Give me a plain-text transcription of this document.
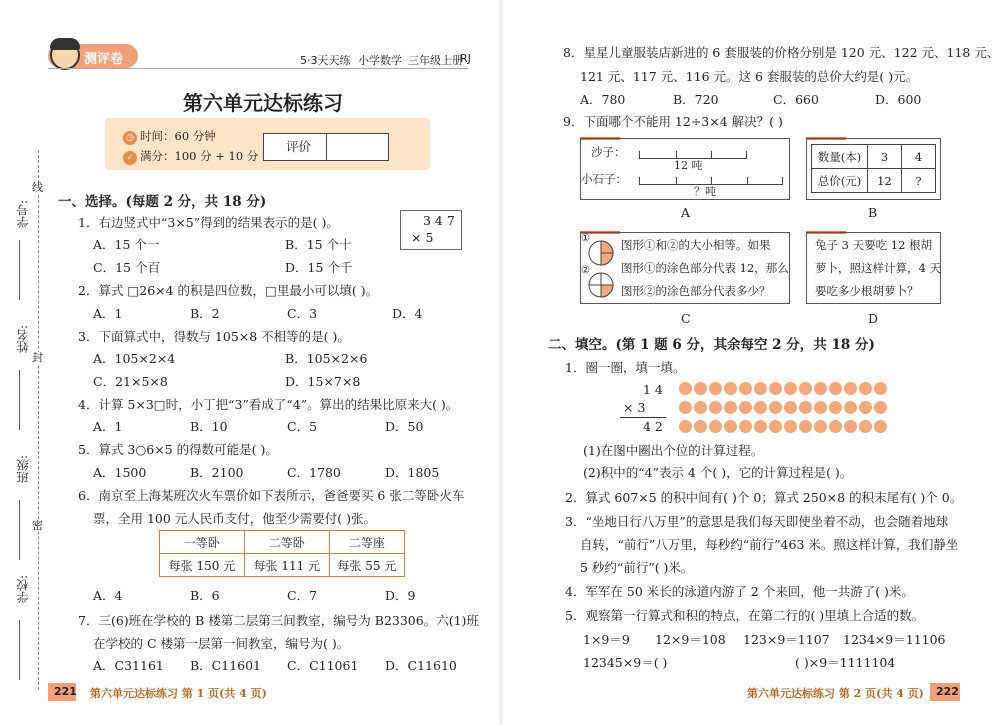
线
封
密
学号:
姓名:
班级:
学校:
测评卷	5·3天天练 小学数学 三年级上册
RJ
第六单元达标练习
◷ 时间：60 分钟
✓ 满分：100 分 + 10 分
评价
一、选择。(每题 2 分，共 18 分)
1．右边竖式中“3×5”得到的结果表示的是( )。	3 4 7
× 5
A．15 个一	B．15 个十
C．15 个百	D．15 个千
2．算式 □26×4 的积是四位数，□里最小可以填( )。
A．1	B．2	C．3	D．4
3．下面算式中，得数与 105×8 不相等的是( )。
A．105×2×4	B．105×2×6
C．21×5×8	D．15×7×8
4．计算 5×3□时，小丁把“3”看成了“4”。算出的结果比原来大( )。
A．1	B．10	C．5	D．50
5．算式 3○6×5 的得数可能是( )。
A．1500	B．2100	C．1780	D．1805
6．南京至上海某班次火车票价如下表所示，爸爸要买 6 张二等卧火车
票，全用 100 元人民币支付，他至少需要付( )张。
一等卧	二等卧	二等座
每张 150 元	每张 111 元	每张 55 元
A．4	B．6	C．7	D．9
7．三(6)班在学校的 B 楼第二层第三间教室，编号为 B23306。六(1)班
在学校的 C 楼第一层第一间教室，编号为( )。
A．C31161 B．C11601 C．C11061 D．C11610
221 第六单元达标练习 第 1 页(共 4 页)
8．星星儿童服装店新进的 6 套服装的价格分别是 120 元、122 元、118 元、
121 元、117 元、116 元。这 6 套服装的总价大约是( )元。
A．780	B．720	C．660	D．600
9．下面哪个不能用 12÷3×4 解决？( )
沙子：
12 吨
小石子：
？吨
A
数量(本)	3	4
总价(元)	12	?
B
①
②
图形①和②的大小相等。如果
图形①的涂色部分代表 12，那么
图形②的涂色部分代表多少？
C
兔子 3 天要吃 12 根胡
萝卜，照这样计算，4 天
要吃多少根胡萝卜？
D
二、填空。(第 1 题 6 分，其余每空 2 分，共 18 分)
1．圈一圈，填一填。
1 4
× 3
4 2
(1)在图中圈出个位的计算过程。
(2)积中的“4”表示 4 个( )，它的计算过程是( )。
2．算式 607×5 的积中间有( )个 0；算式 250×8 的积末尾有( )个 0。
3．“坐地日行八万里”的意思是我们每天即使坐着不动，也会随着地球
自转，“前行”八万里，每秒约“前行”463 米。照这样计算，我们静坐
5 秒约“前行”( )米。
4．军军在 50 米长的泳道内游了 2 个来回，他一共游了( )米。
5．观察第一行算式和积的特点，在第二行的( )里填上合适的数。
1×9＝9 12×9＝108 123×9＝1107 1234×9＝11106
12345×9＝( )	( )×9＝1111104
第六单元达标练习 第 2 页(共 4 页) 222
